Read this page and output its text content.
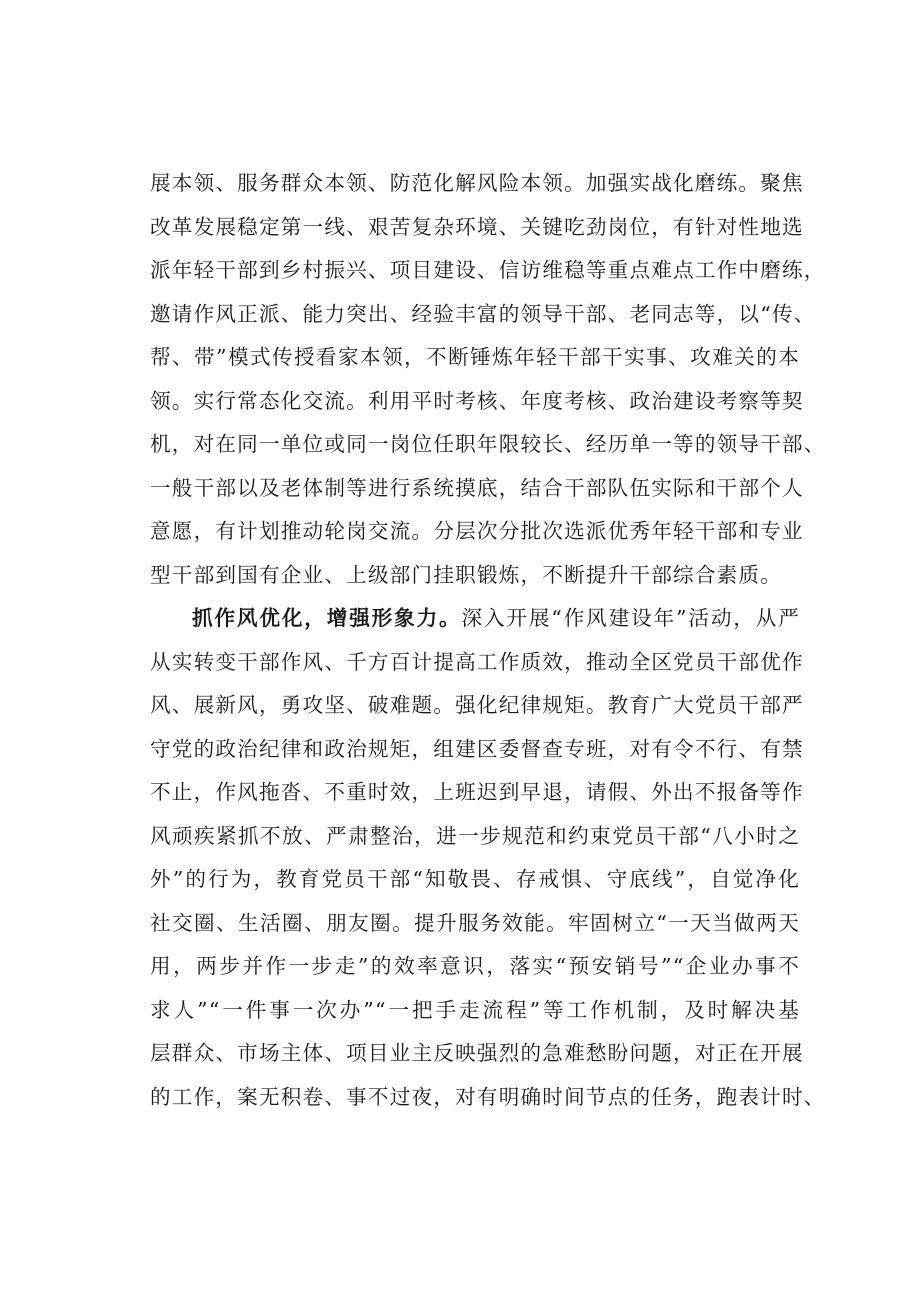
展本领、服务群众本领、防范化解风险本领。加强实战化磨练。聚焦
改革发展稳定第一线、艰苦复杂环境、关键吃劲岗位，有针对性地选
派年轻干部到乡村振兴、项目建设、信访维稳等重点难点工作中磨练，
邀请作风正派、能力突出、经验丰富的领导干部、老同志等，以“传、
帮、带”模式传授看家本领，不断锤炼年轻干部干实事、攻难关的本
领。实行常态化交流。利用平时考核、年度考核、政治建设考察等契
机，对在同一单位或同一岗位任职年限较长、经历单一等的领导干部、
一般干部以及老体制等进行系统摸底，结合干部队伍实际和干部个人
意愿，有计划推动轮岗交流。分层次分批次选派优秀年轻干部和专业
型干部到国有企业、上级部门挂职锻炼，不断提升干部综合素质。
抓作风优化，增强形象力。深入开展“作风建设年”活动，从严
从实转变干部作风、千方百计提高工作质效，推动全区党员干部优作
风、展新风，勇攻坚、破难题。强化纪律规矩。教育广大党员干部严
守党的政治纪律和政治规矩，组建区委督查专班，对有令不行、有禁
不止，作风拖沓、不重时效，上班迟到早退，请假、外出不报备等作
风顽疾紧抓不放、严肃整治，进一步规范和约束党员干部“八小时之
外”的行为，教育党员干部“知敬畏、存戒惧、守底线”，自觉净化
社交圈、生活圈、朋友圈。提升服务效能。牢固树立“一天当做两天
用，两步并作一步走”的效率意识，落实“预安销号”“企业办事不
求人”“一件事一次办”“一把手走流程”等工作机制，及时解决基
层群众、市场主体、项目业主反映强烈的急难愁盼问题，对正在开展
的工作，案无积卷、事不过夜，对有明确时间节点的任务，跑表计时、
